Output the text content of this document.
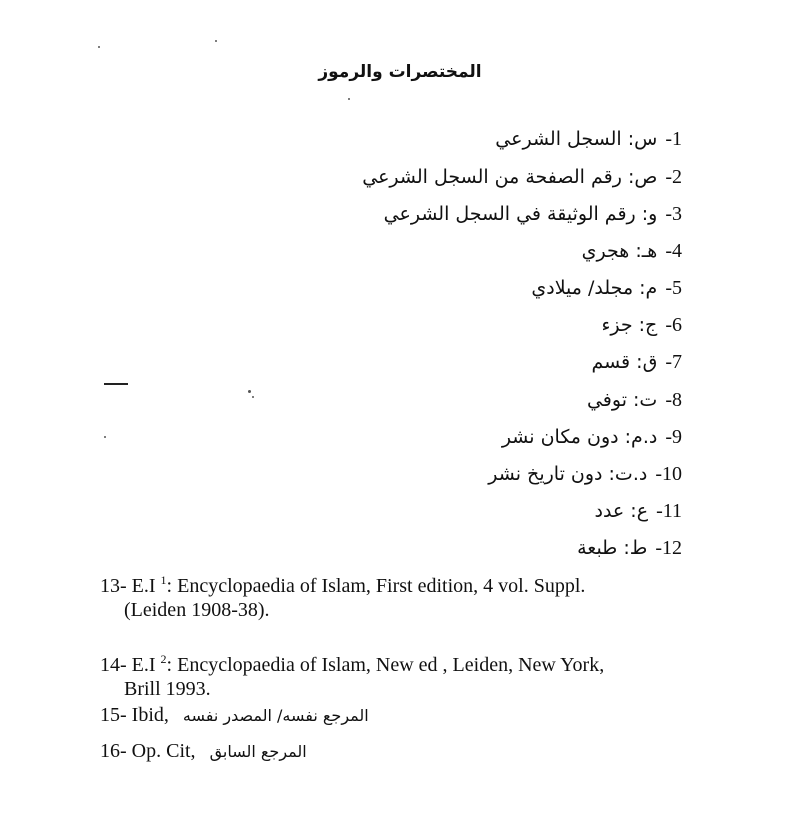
المختصرات والرموز
1-س: السجل الشرعي
2-ص: رقم الصفحة من السجل الشرعي
3-و: رقم الوثيقة في السجل الشرعي
4-هـ: هجري
5-م: مجلد/ ميلادي
6-ج: جزء
7-ق: قسم
8-ت: توفي
9-د.م: دون مكان نشر
10-د.ت: دون تاريخ نشر
11-ع: عدد
12-ط: طبعة
13- E.I $^1$: Encyclopaedia of Islam, First edition, 4 vol. Suppl.
(Leiden 1908-38).
14- E.I $^2$: Encyclopaedia of Islam, New ed , Leiden, New York,
Brill 1993.
15- Ibid, المرجع نفسه/ المصدر نفسه
16- Op. Cit, المرجع السابق
